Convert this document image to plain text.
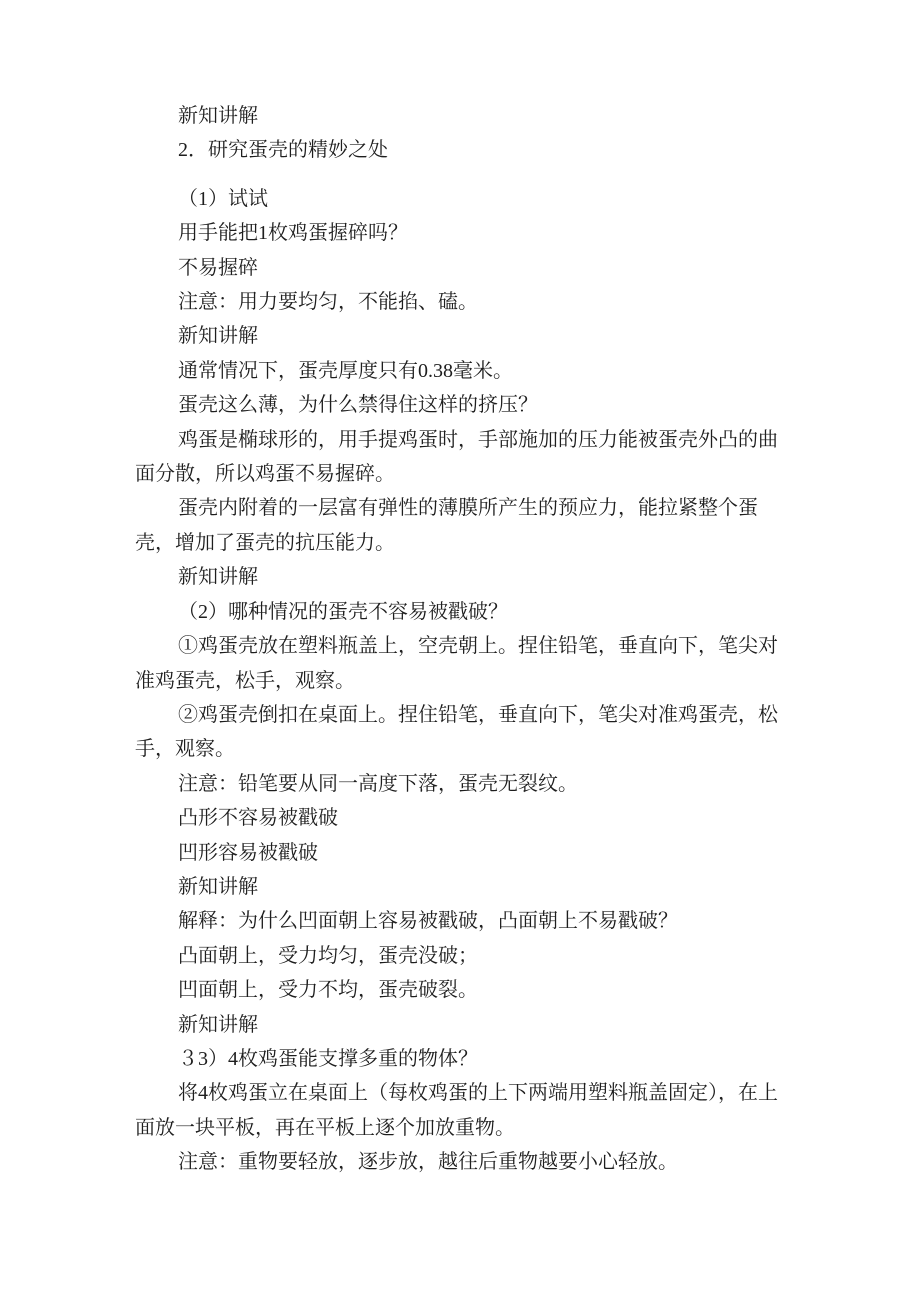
新知讲解

2．研究蛋壳的精妙之处

（1）试试

用手能把1枚鸡蛋握碎吗？

不易握碎

注意：用力要均匀，不能掐、磕。

新知讲解

通常情况下，蛋壳厚度只有0.38毫米。

蛋壳这么薄，为什么禁得住这样的挤压？

鸡蛋是椭球形的，用手提鸡蛋时，手部施加的压力能被蛋壳外凸的曲面分散，所以鸡蛋不易握碎。

蛋壳内附着的一层富有弹性的薄膜所产生的预应力，能拉紧整个蛋壳，增加了蛋壳的抗压能力。

新知讲解

（2）哪种情况的蛋壳不容易被戳破？

①鸡蛋壳放在塑料瓶盖上，空壳朝上。捏住铅笔，垂直向下，笔尖对准鸡蛋壳，松手，观察。

②鸡蛋壳倒扣在桌面上。捏住铅笔，垂直向下，笔尖对准鸡蛋壳，松手，观察。

注意：铅笔要从同一高度下落，蛋壳无裂纹。

凸形不容易被戳破

凹形容易被戳破

新知讲解

解释：为什么凹面朝上容易被戳破，凸面朝上不易戳破？

凸面朝上，受力均匀，蛋壳没破；

凹面朝上，受力不均，蛋壳破裂。

新知讲解

３3）4枚鸡蛋能支撑多重的物体？

将4枚鸡蛋立在桌面上（每枚鸡蛋的上下两端用塑料瓶盖固定），在上面放一块平板，再在平板上逐个加放重物。

注意：重物要轻放，逐步放，越往后重物越要小心轻放。
